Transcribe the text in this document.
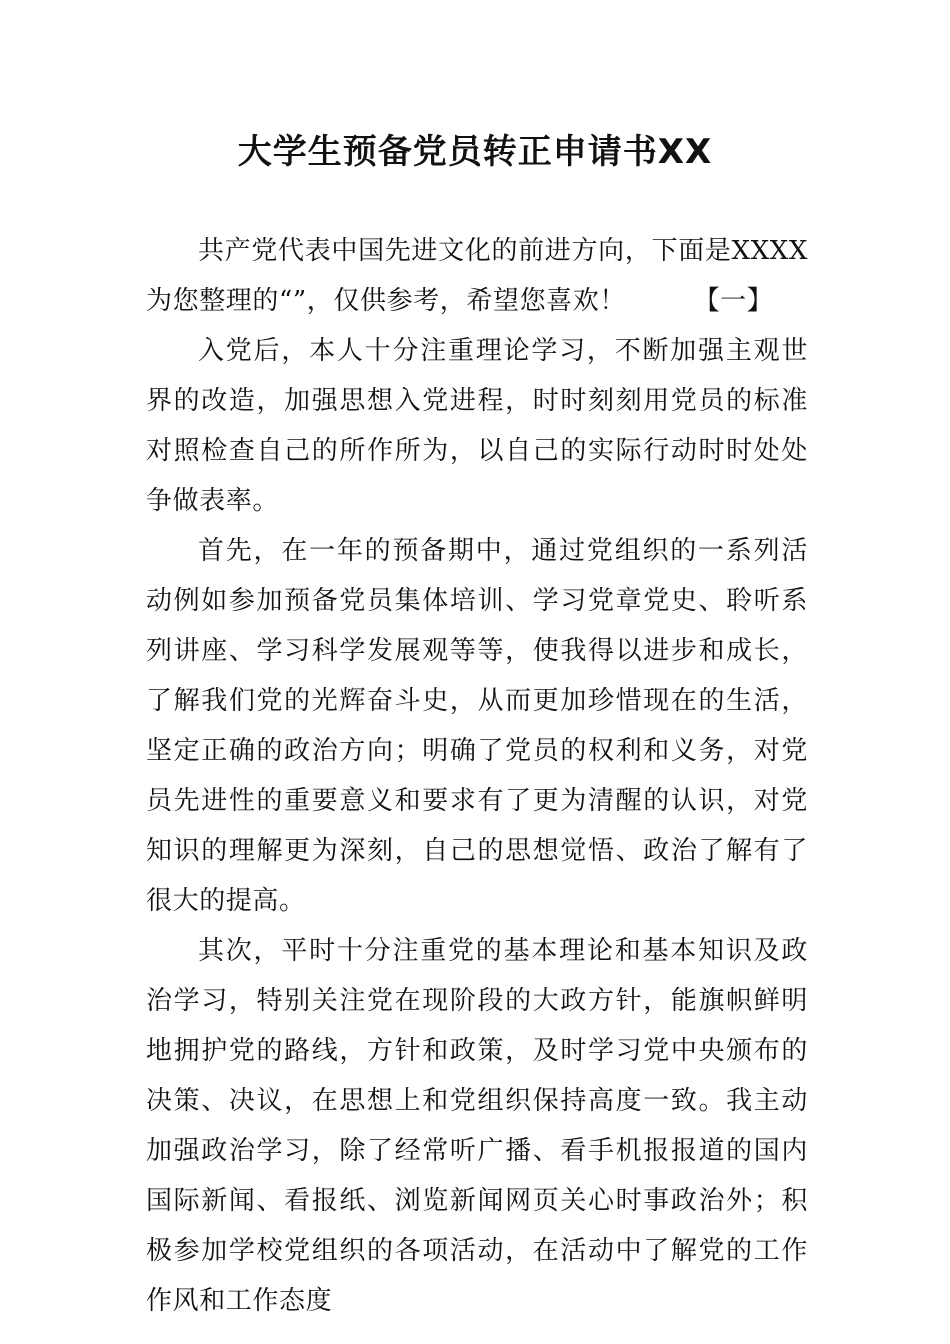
大学生预备党员转正申请书XX

共产党代表中国先进文化的前进方向，下面是XXXX为您整理的“”，仅供参考，希望您喜欢！	【一】

入党后，本人十分注重理论学习，不断加强主观世界的改造，加强思想入党进程，时时刻刻用党员的标准对照检查自己的所作所为，以自己的实际行动时时处处争做表率。

首先，在一年的预备期中，通过党组织的一系列活动例如参加预备党员集体培训、学习党章党史、聆听系列讲座、学习科学发展观等等，使我得以进步和成长，了解我们党的光辉奋斗史，从而更加珍惜现在的生活，坚定正确的政治方向；明确了党员的权利和义务，对党员先进性的重要意义和要求有了更为清醒的认识，对党知识的理解更为深刻，自己的思想觉悟、政治了解有了很大的提高。

其次，平时十分注重党的基本理论和基本知识及政治学习，特别关注党在现阶段的大政方针，能旗帜鲜明地拥护党的路线，方针和政策，及时学习党中央颁布的决策、决议，在思想上和党组织保持高度一致。我主动加强政治学习，除了经常听广播、看手机报报道的国内国际新闻、看报纸、浏览新闻网页关心时事政治外；积极参加学校党组织的各项活动，在活动中了解党的工作作风和工作态度
